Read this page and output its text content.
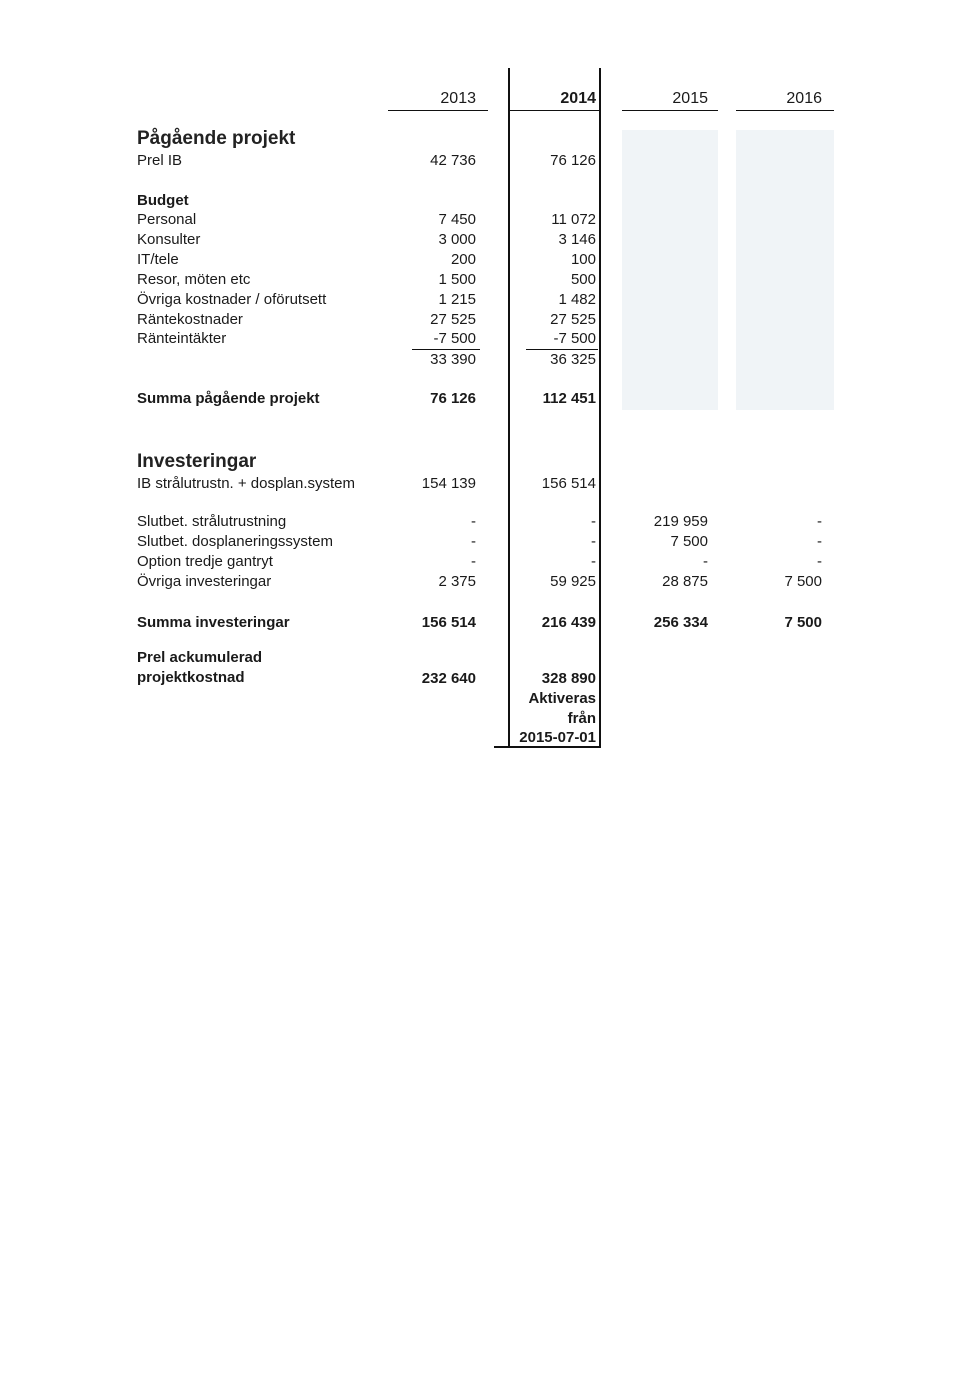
2013	2014	2015	2016
Pågående projekt
Prel IB	42 736	76 126
Budget
Personal	7 450	11 072
Konsulter	3 000	3 146
IT/tele	200	100
Resor, möten etc	1 500	500
Övriga kostnader / oförutsett	1 215	1 482
Räntekostnader	27 525	27 525
Ränteintäkter	-7 500	-7 500
33 390	36 325
Summa pågående projekt	76 126	112 451
Investeringar
IB strålutrustn. + dosplan.system	154 139	156 514
Slutbet. strålutrustning	-	-	219 959	-
Slutbet. dosplaneringssystem	-	-	7 500	-
Option tredje gantryt	-	-	-	-
Övriga investeringar	2 375	59 925	28 875	7 500
Summa investeringar	156 514	216 439	256 334	7 500
Prel ackumulerad
projektkostnad	232 640	328 890
Aktiveras
från
2015-07-01
